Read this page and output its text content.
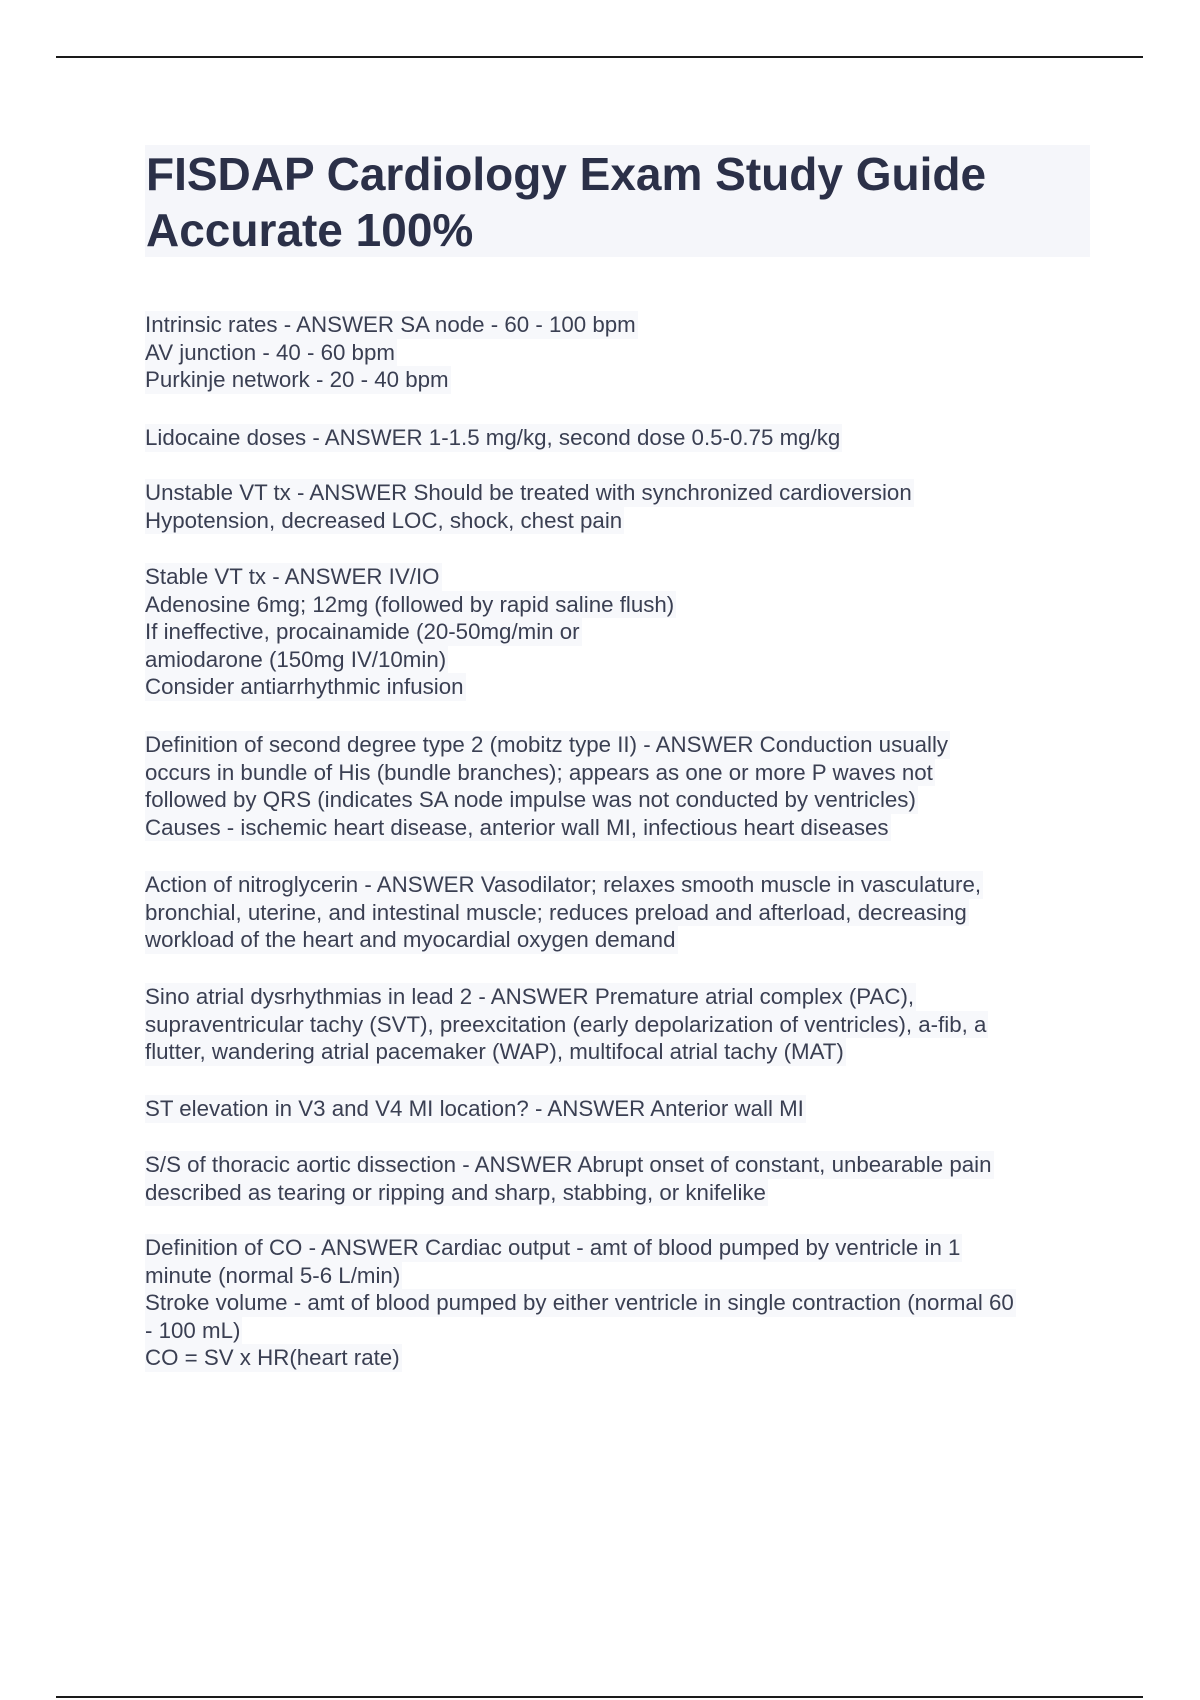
FISDAP Cardiology Exam Study Guide
Accurate 100%
Intrinsic rates - ANSWER SA node - 60 - 100 bpm
AV junction - 40 - 60 bpm
Purkinje network - 20 - 40 bpm
Lidocaine doses - ANSWER 1-1.5 mg/kg, second dose 0.5-0.75 mg/kg
Unstable VT tx - ANSWER Should be treated with synchronized cardioversion
Hypotension, decreased LOC, shock, chest pain
Stable VT tx - ANSWER IV/IO
Adenosine 6mg; 12mg (followed by rapid saline flush)
If ineffective, procainamide (20-50mg/min or
amiodarone (150mg IV/10min)
Consider antiarrhythmic infusion
Definition of second degree type 2 (mobitz type II) - ANSWER Conduction usually
occurs in bundle of His (bundle branches); appears as one or more P waves not
followed by QRS (indicates SA node impulse was not conducted by ventricles)
Causes - ischemic heart disease, anterior wall MI, infectious heart diseases
Action of nitroglycerin - ANSWER Vasodilator; relaxes smooth muscle in vasculature,
bronchial, uterine, and intestinal muscle; reduces preload and afterload, decreasing
workload of the heart and myocardial oxygen demand
Sino atrial dysrhythmias in lead 2 - ANSWER Premature atrial complex (PAC),
supraventricular tachy (SVT), preexcitation (early depolarization of ventricles), a-fib, a
flutter, wandering atrial pacemaker (WAP), multifocal atrial tachy (MAT)
ST elevation in V3 and V4 MI location? - ANSWER Anterior wall MI
S/S of thoracic aortic dissection - ANSWER Abrupt onset of constant, unbearable pain
described as tearing or ripping and sharp, stabbing, or knifelike
Definition of CO - ANSWER Cardiac output - amt of blood pumped by ventricle in 1
minute (normal 5-6 L/min)
Stroke volume - amt of blood pumped by either ventricle in single contraction (normal 60
- 100 mL)
CO = SV x HR(heart rate)
